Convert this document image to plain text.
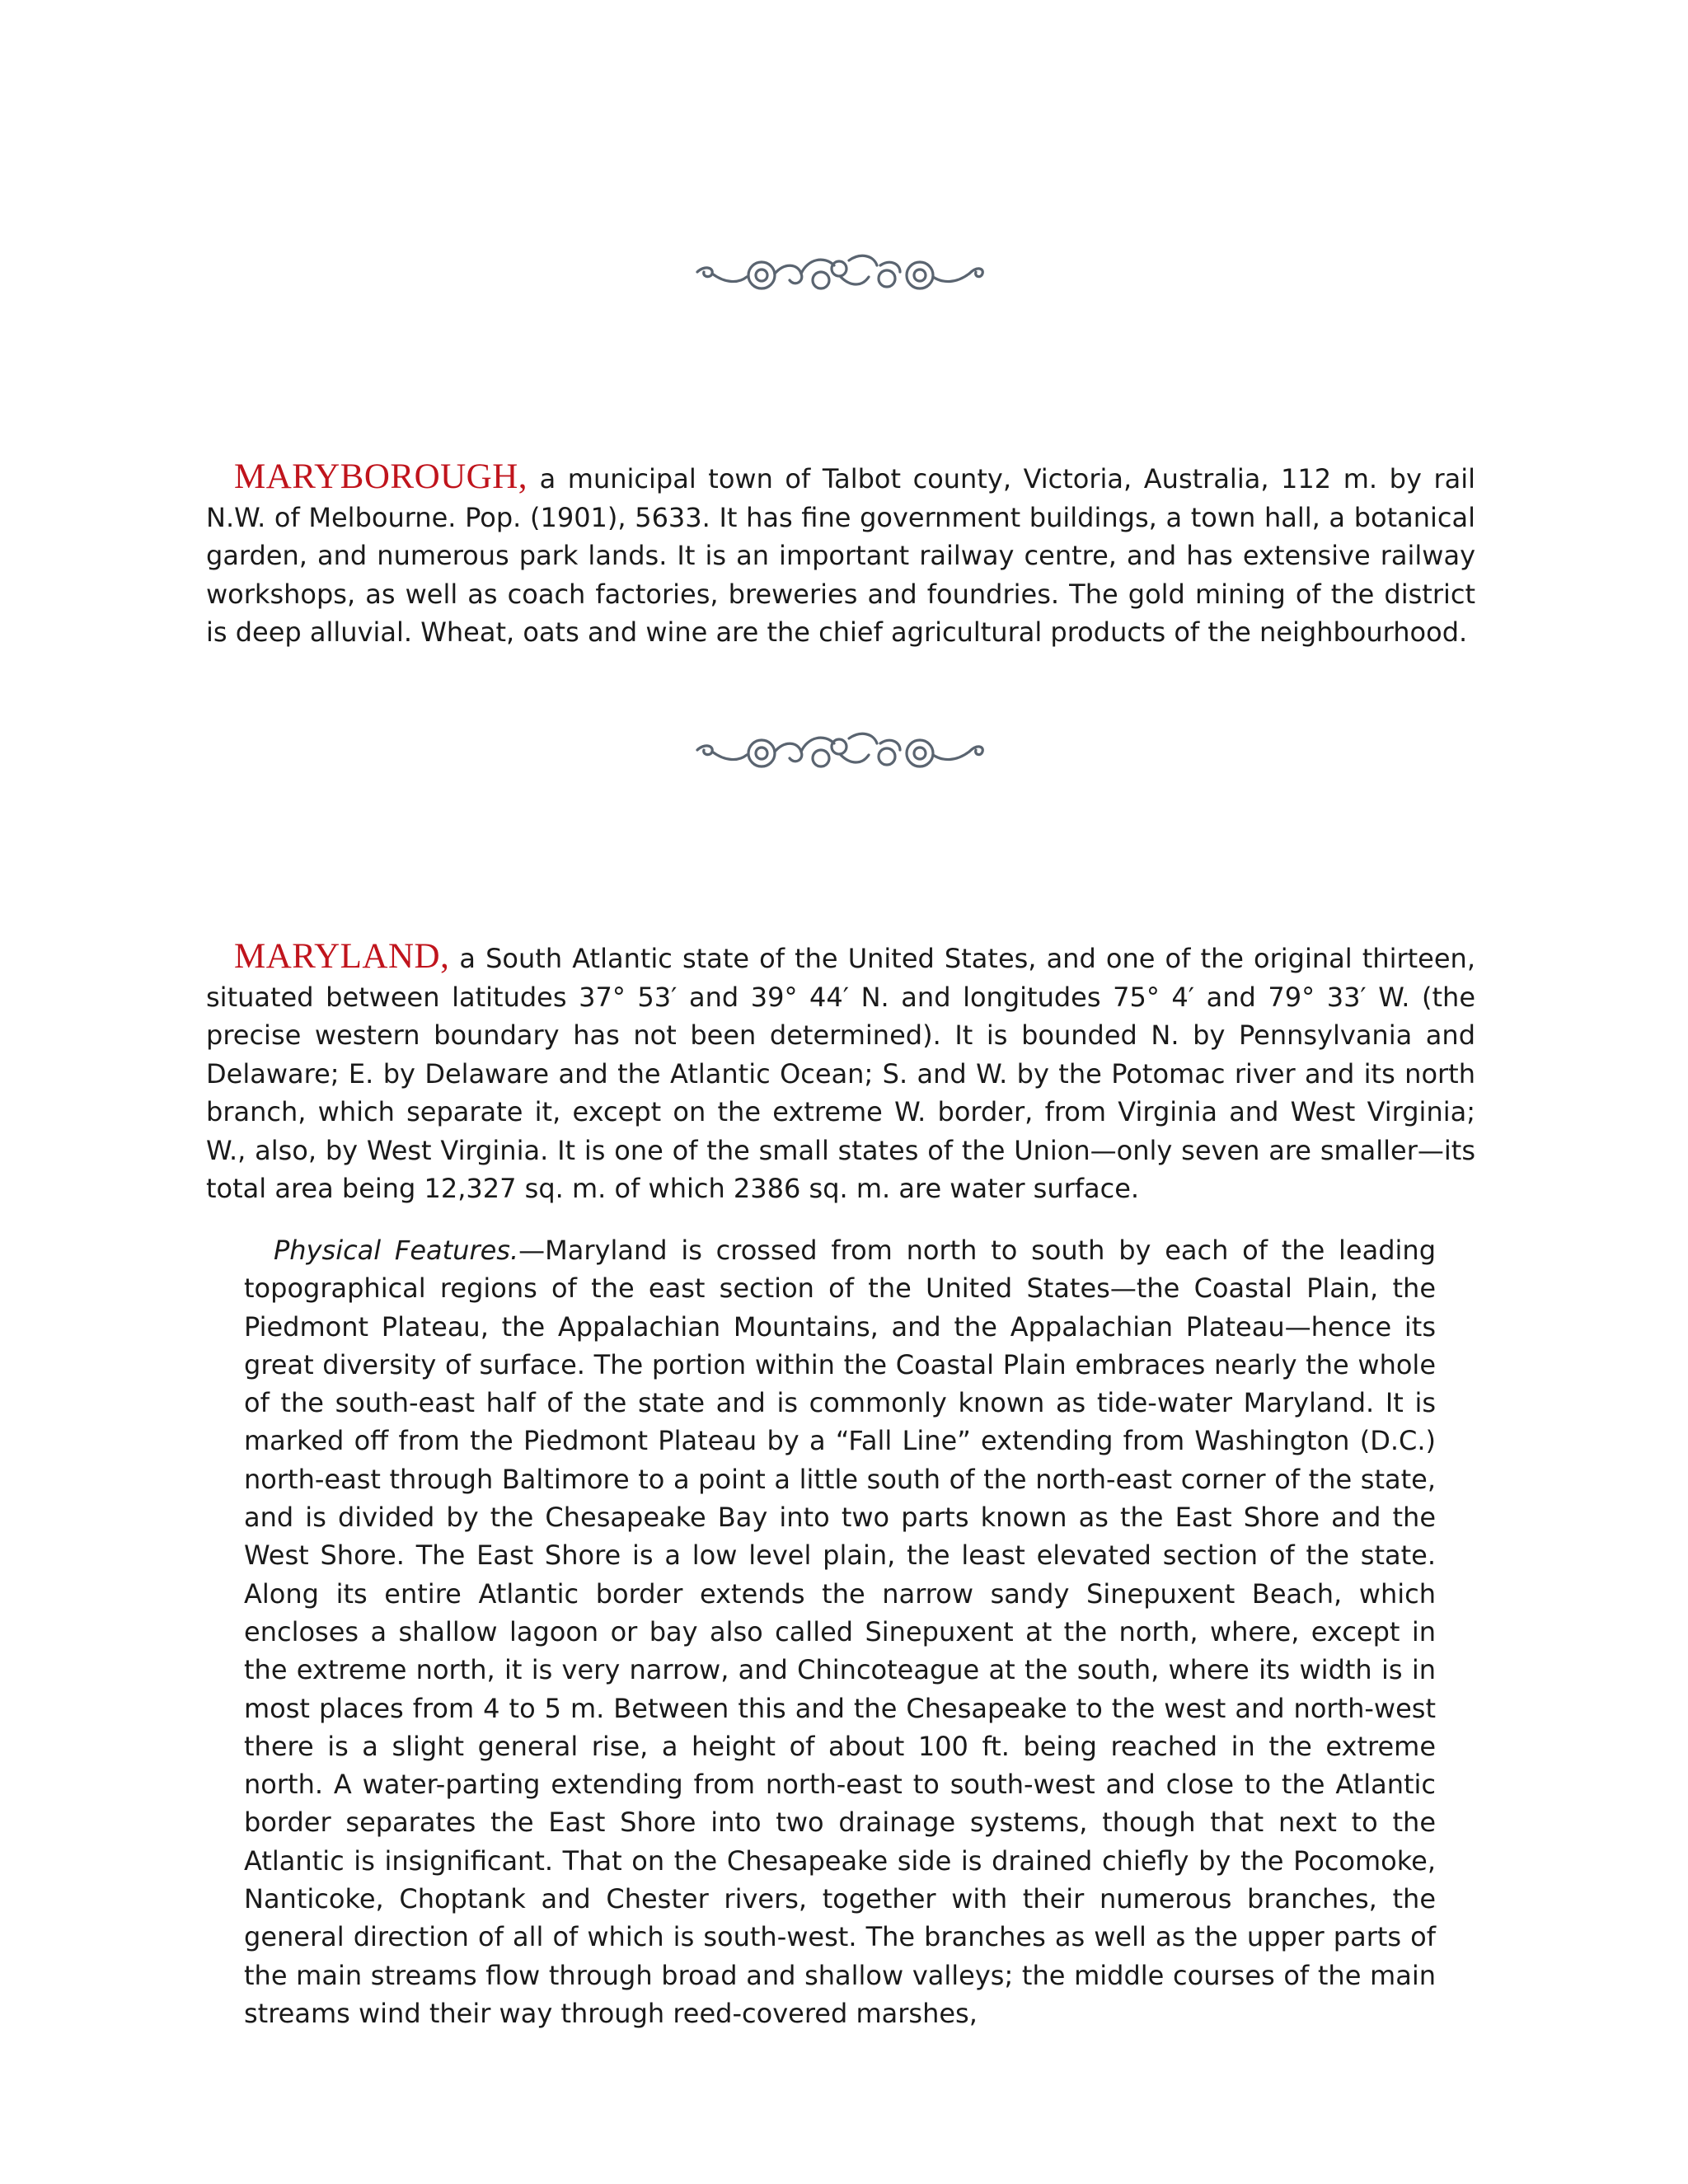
MARYBOROUGH, a municipal town of Talbot county, Victoria, Australia, 112 m. by rail N.W. of Melbourne. Pop. (1901), 5633. It has fine government buildings, a town hall, a botanical garden, and numerous park lands. It is an important railway centre, and has extensive railway workshops, as well as coach factories, breweries and foundries. The gold mining of the district is deep alluvial. Wheat, oats and wine are the chief agricultural products of the neighbourhood.

MARYLAND, a South Atlantic state of the United States, and one of the original thirteen, situated between latitudes 37° 53′ and 39° 44′ N. and longitudes 75° 4′ and 79° 33′ W. (the precise western boundary has not been determined). It is bounded N. by Pennsylvania and Delaware; E. by Delaware and the Atlantic Ocean; S. and W. by the Potomac river and its north branch, which separate it, except on the extreme W. border, from Virginia and West Virginia; W., also, by West Virginia. It is one of the small states of the Union—only seven are smaller—its total area being 12,327 sq. m. of which 2386 sq. m. are water surface.

Physical Features.—Maryland is crossed from north to south by each of the leading topographical regions of the east section of the United States—the Coastal Plain, the Piedmont Plateau, the Appalachian Mountains, and the Appalachian Plateau—hence its great diversity of surface. The portion within the Coastal Plain embraces nearly the whole of the south-east half of the state and is commonly known as tide-water Maryland. It is marked off from the Piedmont Plateau by a “Fall Line” extending from Washington (D.C.) north-east through Baltimore to a point a little south of the north-east corner of the state, and is divided by the Chesapeake Bay into two parts known as the East Shore and the West Shore. The East Shore is a low level plain, the least elevated section of the state. Along its entire Atlantic border extends the narrow sandy Sinepuxent Beach, which encloses a shallow lagoon or bay also called Sinepuxent at the north, where, except in the extreme north, it is very narrow, and Chincoteague at the south, where its width is in most places from 4 to 5 m. Between this and the Chesapeake to the west and north-west there is a slight general rise, a height of about 100 ft. being reached in the extreme north. A water-parting extending from north-east to south-west and close to the Atlantic border separates the East Shore into two drainage systems, though that next to the Atlantic is insignificant. That on the Chesapeake side is drained chiefly by the Pocomoke, Nanticoke, Choptank and Chester rivers, together with their numerous branches, the general direction of all of which is south-west. The branches as well as the upper parts of the main streams flow through broad and shallow valleys; the middle courses of the main streams wind their way through reed-covered marshes,
